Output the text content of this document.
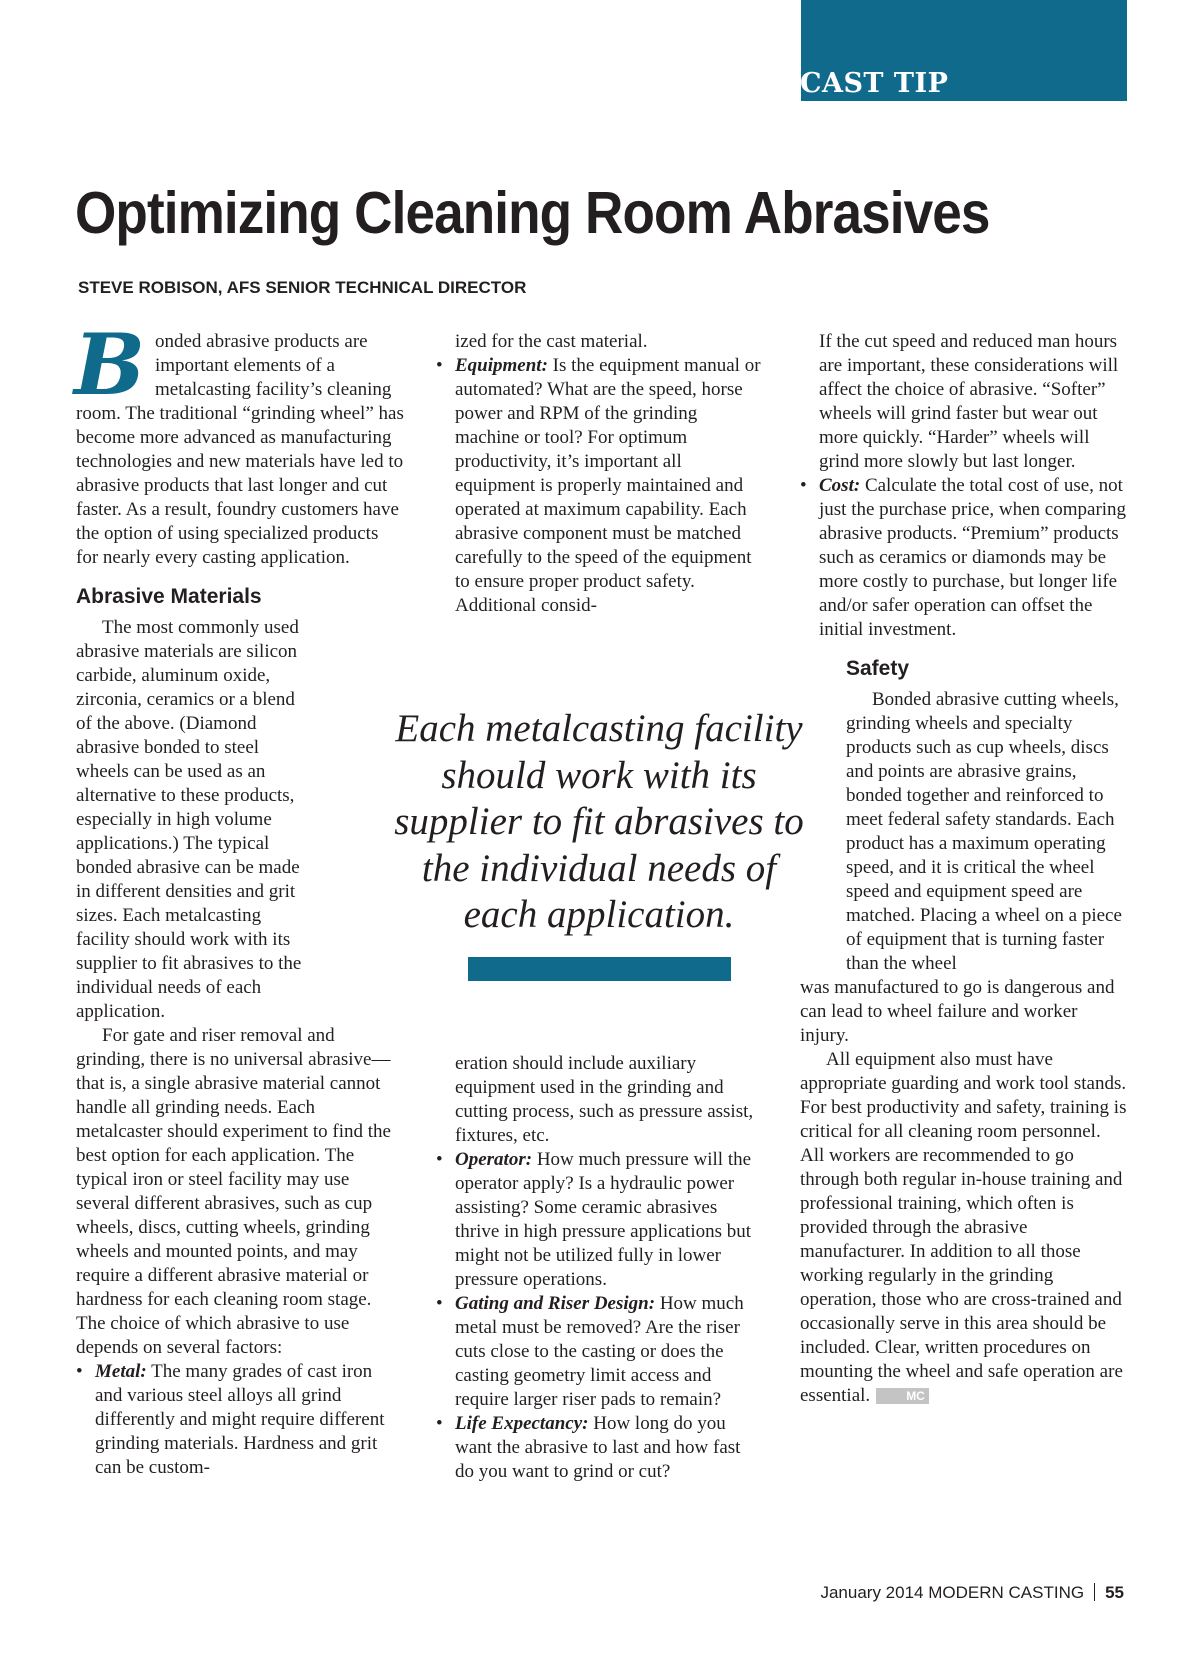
CAST TIP

Optimizing Cleaning Room Abrasives

STEVE ROBISON, AFS SENIOR TECHNICAL DIRECTOR

Bonded abrasive products are important elements of a metalcasting facility’s cleaning room. The traditional “grinding wheel” has become more advanced as manufacturing technologies and new materials have led to abrasive products that last longer and cut faster. As a result, foundry customers have the option of using specialized products for nearly every casting application.

Abrasive Materials

The most commonly used abrasive materials are silicon carbide, aluminum oxide, zirconia, ceramics or a blend of the above. (Diamond abrasive bonded to steel wheels can be used as an alternative to these products, especially in high volume applications.) The typical bonded abrasive can be made in different densities and grit sizes. Each metalcasting facility should work with its supplier to fit abrasives to the individual needs of each application.

For gate and riser removal and grinding, there is no universal abrasive—that is, a single abrasive material cannot handle all grinding needs. Each metalcaster should experiment to find the best option for each application. The typical iron or steel facility may use several different abrasives, such as cup wheels, discs, cutting wheels, grinding wheels and mounted points, and may require a different abrasive material or hardness for each cleaning room stage. The choice of which abrasive to use depends on several factors:

• Metal: The many grades of cast iron and various steel alloys all grind differently and might require different grinding materials. Hardness and grit can be custom-

ized for the cast material.

• Equipment: Is the equipment manual or automated? What are the speed, horse power and RPM of the grinding machine or tool? For optimum productivity, it’s important all equipment is properly maintained and operated at maximum capability. Each abrasive component must be matched carefully to the speed of the equipment to ensure proper product safety. Additional consid-

Each metalcasting facility should work with its supplier to fit abrasives to the individual needs of each application.

eration should include auxiliary equipment used in the grinding and cutting process, such as pressure assist, fixtures, etc.

• Operator: How much pressure will the operator apply? Is a hydraulic power assisting? Some ceramic abrasives thrive in high pressure applications but might not be utilized fully in lower pressure operations.
• Gating and Riser Design: How much metal must be removed? Are the riser cuts close to the casting or does the casting geometry limit access and require larger riser pads to remain?
• Life Expectancy: How long do you want the abrasive to last and how fast do you want to grind or cut?

If the cut speed and reduced man hours are important, these considerations will affect the choice of abrasive. “Softer” wheels will grind faster but wear out more quickly. “Harder” wheels will grind more slowly but last longer.

• Cost: Calculate the total cost of use, not just the purchase price, when comparing abrasive products. “Premium” products such as ceramics or diamonds may be more costly to purchase, but longer life and/or safer operation can offset the initial investment.
Safety

Bonded abrasive cutting wheels, grinding wheels and specialty products such as cup wheels, discs and points are abrasive grains, bonded together and reinforced to meet federal safety standards. Each product has a maximum operating speed, and it is critical the wheel speed and equipment speed are matched. Placing a wheel on a piece of equipment that is turning faster than the wheel

was manufactured to go is dangerous and can lead to wheel failure and worker injury.

All equipment also must have appropriate guarding and work tool stands. For best productivity and safety, training is critical for all cleaning room personnel. All workers are recommended to go through both regular in-house training and professional training, which often is provided through the abrasive manufacturer. In addition to all those working regularly in the grinding operation, those who are cross-trained and occasionally serve in this area should be included. Clear, written procedures on mounting the wheel and safe operation are essential.	MC

January 2014 MODERN CASTING 55
